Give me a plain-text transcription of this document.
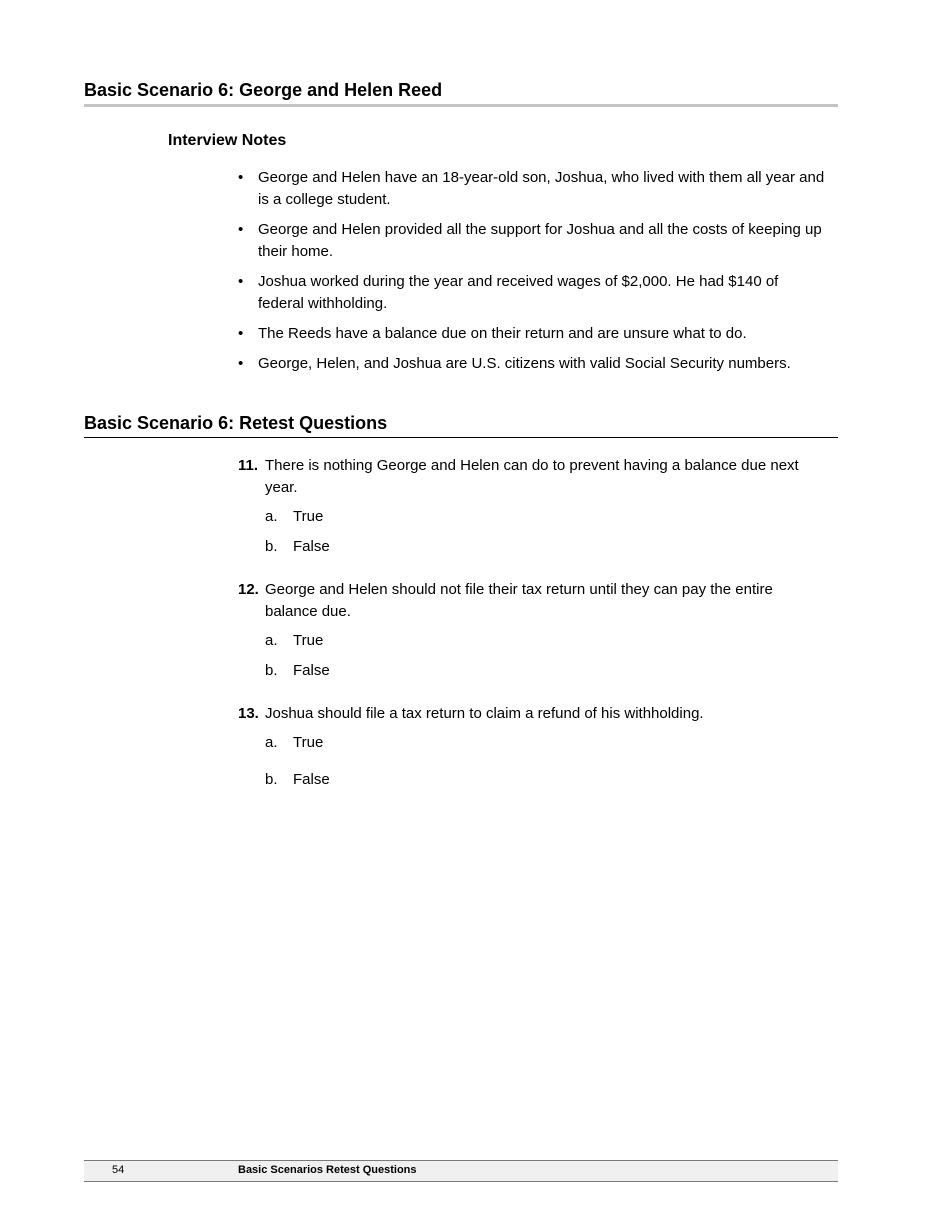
Basic Scenario 6: George and Helen Reed
Interview Notes
• George and Helen have an 18-year-old son, Joshua, who lived with them all year and is a college student.
• George and Helen provided all the support for Joshua and all the costs of keeping up their home.
• Joshua worked during the year and received wages of $2,000. He had $140 of federal withholding.
• The Reeds have a balance due on their return and are unsure what to do.
• George, Helen, and Joshua are U.S. citizens with valid Social Security numbers.
Basic Scenario 6: Retest Questions
11. There is nothing George and Helen can do to prevent having a balance due next year.
a. True
b. False
12. George and Helen should not file their tax return until they can pay the entire balance due.
a. True
b. False
13. Joshua should file a tax return to claim a refund of his withholding.
a. True
b. False
54	Basic Scenarios Retest Questions
